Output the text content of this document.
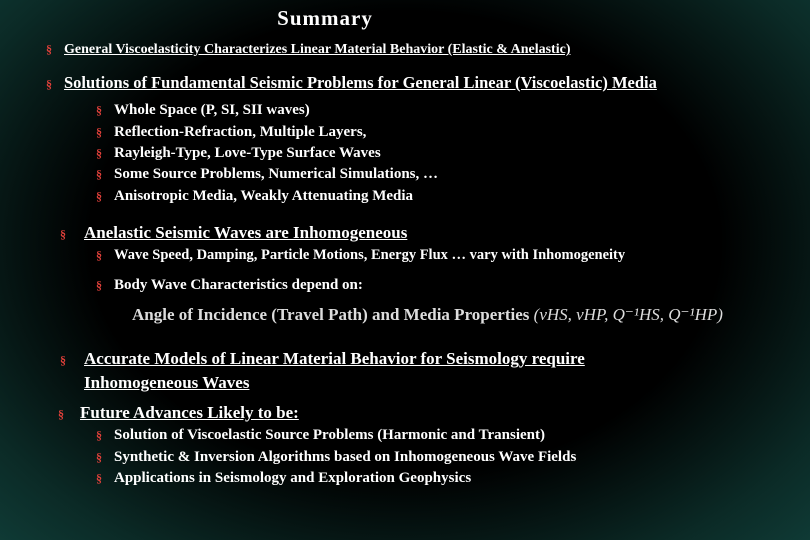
Summary
§ General Viscoelasticity Characterizes Linear Material Behavior (Elastic & Anelastic)
§ Solutions of Fundamental Seismic Problems for General Linear (Viscoelastic) Media
§ Whole Space (P, SI, SII waves)
§ Reflection-Refraction, Multiple Layers,
§ Rayleigh-Type, Love-Type Surface Waves
§ Some Source Problems, Numerical Simulations, …
§ Anisotropic Media, Weakly Attenuating Media
§ Anelastic Seismic Waves are Inhomogeneous
§ Wave Speed, Damping, Particle Motions, Energy Flux … vary with Inhomogeneity
§ Body Wave Characteristics depend on:
Angle of Incidence (Travel Path) and Media Properties (vHS, vHP, Q⁻¹HS, Q⁻¹HP)
§ Accurate Models of Linear Material Behavior for Seismology require
Inhomogeneous Waves
§ Future Advances Likely to be:
§ Solution of Viscoelastic Source Problems (Harmonic and Transient)
§ Synthetic & Inversion Algorithms based on Inhomogeneous Wave Fields
§ Applications in Seismology and Exploration Geophysics
